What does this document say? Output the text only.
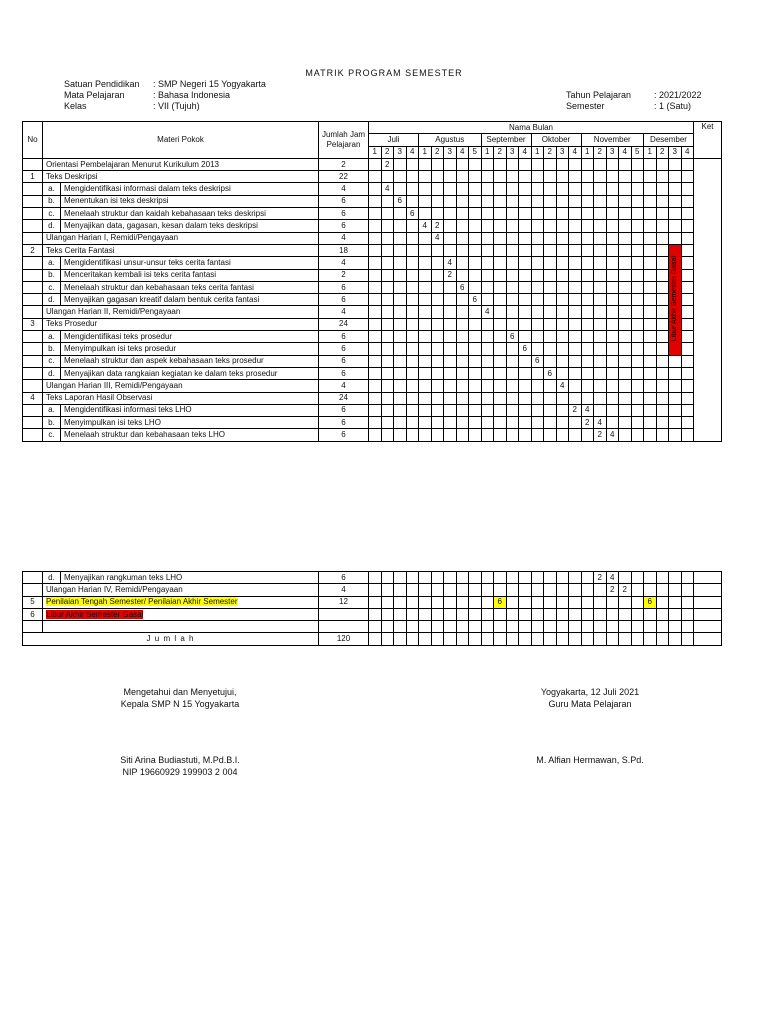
MATRIK PROGRAM SEMESTER
Satuan Pendidikan
Mata Pelajaran
Kelas
: SMP Negeri 15 Yogyakarta
: Bahasa Indonesia
: VII (Tujuh)
Tahun Pelajaran
Semester
: 2021/2022
: 1 (Satu)
No	Materi Pokok		Jumlah Jam Pelajaran	Nama Bulan																										Ket
				Juli				Agustus					September				Oktober				November					Desember				
				1	2	3	4	1	2	3	4	5	1	2	3	4	1	2	3	4	1	2	3	4	5	1	2	3	4	
	Orientasi Pembelajaran Menurut Kurikulum 2013		2		2																									
1	Teks Deskripsi		22																											
	a.	Mengidentifikasi informasi dalam teks deskripsi	4		4																									
	b.	Menentukan isi teks deskripsi	6			6																								
	c.	Menelaah struktur dan kaidah kebahasaan teks deskripsi	6				6																							
	d.	Menyajikan data, gagasan, kesan dalam teks deskripsi	6					4	2																					
	Ulangan Harian I, Remidi/Pengayaan		4						4																					
2	Teks Cerita Fantasi		18																									Libur Akhir Semester Gasal		
	a.	Mengidentifikasi unsur-unsur teks cerita fantasi	4							4																				
	b.	Menceritakan kembali isi teks cerita fantasi	2							2																				
	c.	Menelaah struktur dan kebahasaan teks cerita fantasi	6								6																			
	d.	Menyajikan gagasan kreatif dalam bentuk cerita fantasi	6									6																		
	Ulangan Harian II, Remidi/Pengayaan		4										4																	
3	Teks Prosedur		24																											
	a.	Mengidentifikasi teks prosedur	6												6															
	b.	Menyimpulkan isi teks prosedur	6													6														
	c.	Menelaah struktur dan aspek kebahasaan teks prosedur	6														6													
	d.	Menyajikan data rangkaian kegiatan ke dalam teks prosedur	6															6												
	Ulangan Harian III, Remidi/Pengayaan		4																4											
4	Teks Laporan Hasil Observasi		24																											
	a.	Mengidentifikasi informasi teks LHO	6																	2	4									
	b.	Menyimpulkan isi teks LHO	6																		2	4								
	c.	Menelaah struktur dan kebahasaan teks LHO	6																			2	4							
	d.	Menyajikan rangkuman teks LHO	6																			2	4							
	Ulangan Harian IV, Remidi/Pengayaan		4																				2	2						
5	Penilaian Tengah Semester/ Penilaian Akhir Semester		12											6												6				
6	Libur Akhir Semester Gasal																													

J u m l a h			120																											
Mengetahui dan Menyetujui,
Kepala SMP N 15 Yogyakarta
Siti Arina Budiastuti, M.Pd.B.I.
NIP 19660929 199903 2 004
Yogyakarta, 12 Juli 2021
Guru Mata Pelajaran
M. Alfian Hermawan, S.Pd.
